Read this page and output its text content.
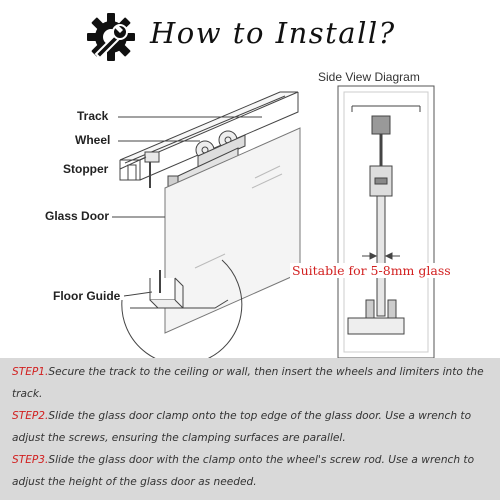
How to Install?
Track
Wheel
Stopper
Glass Door
Floor Guide
Side View Diagram
Suitable for 5-8mm glass
STEP1.Secure the track to the ceiling or wall, then insert the wheels and limiters into the track.
STEP2.Slide the glass door clamp onto the top edge of the glass door. Use a wrench to adjust the screws, ensuring the clamping surfaces are parallel.
STEP3.Slide the glass door with the clamp onto the wheel's screw rod. Use a wrench to adjust the height of the glass door as needed.
